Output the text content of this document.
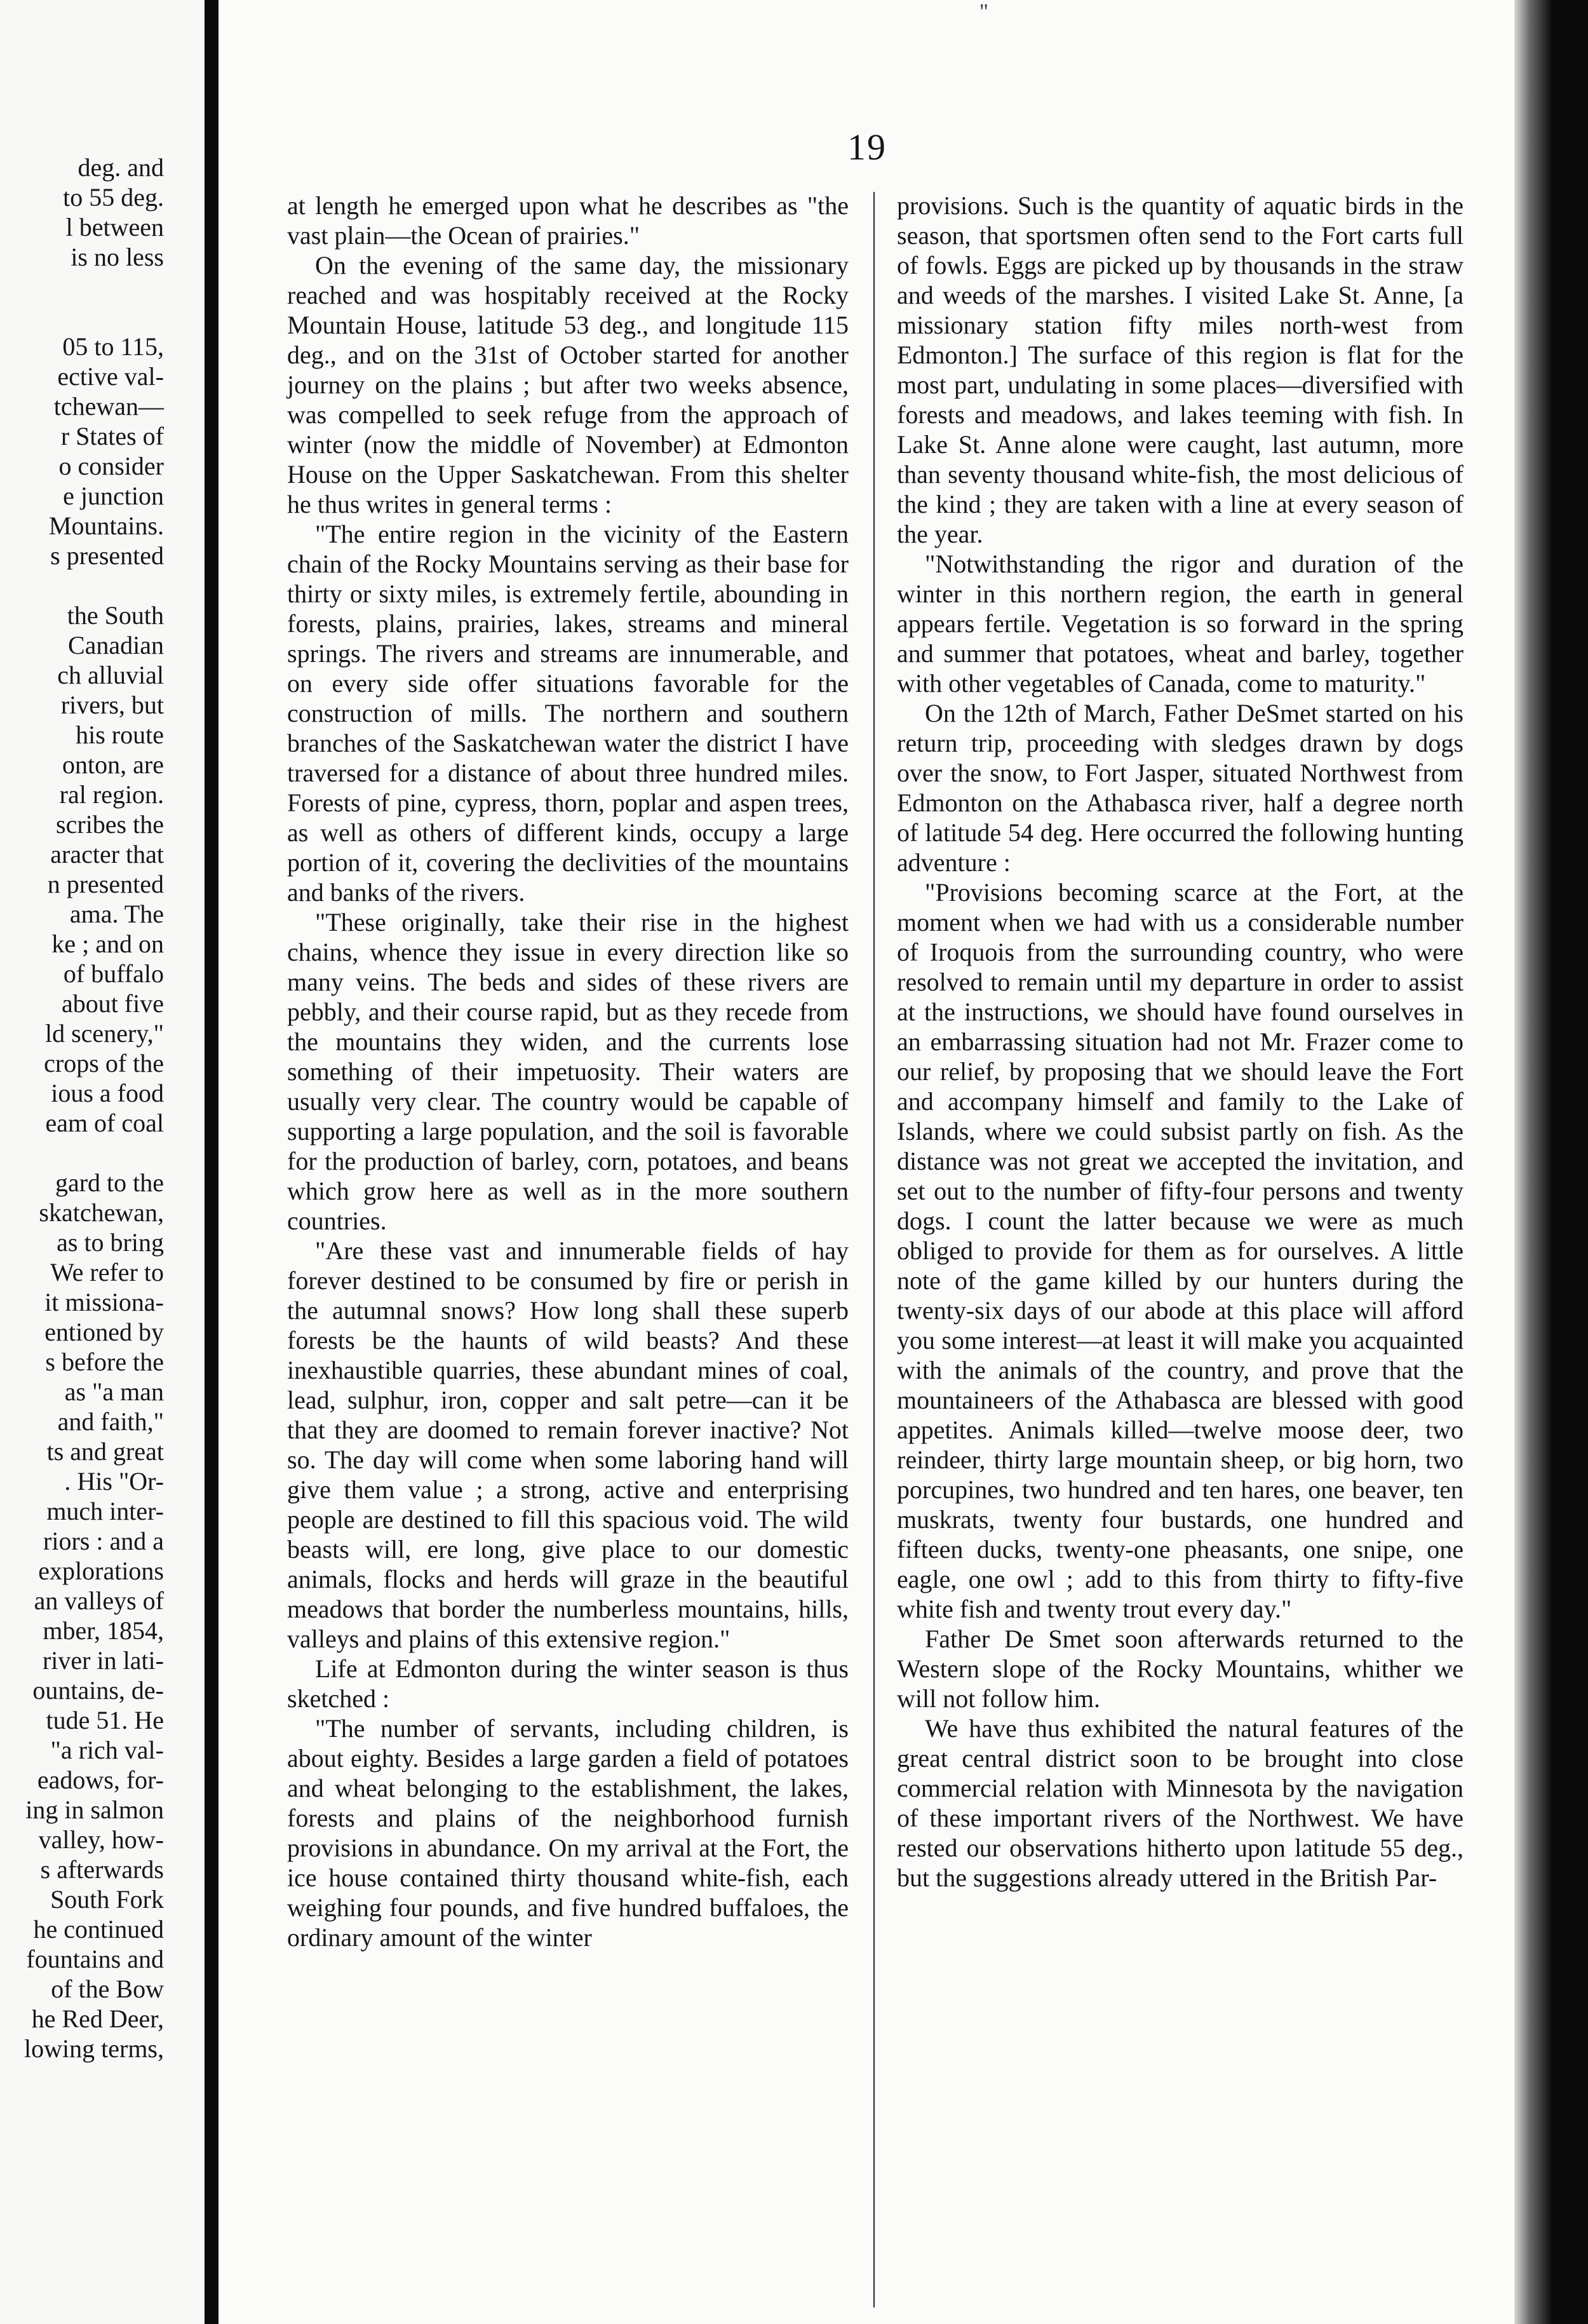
deg. and
to 55 deg.
l between
is no less
05 to 115,
ective val-
tchewan—
r States of
o consider
e junction
Mountains.
s presented
the South
Canadian
ch alluvial
rivers, but
his route
onton, are
ral region.
scribes the
aracter that
n presented
ama. The
ke ; and on
of buffalo
about five
ld scenery,"
crops of the
ious a food
eam of coal
gard to the
skatchewan,
as to bring
We refer to
it missiona-
entioned by
s before the
as "a man
and faith,"
ts and great
. His "Or-
much inter-
riors : and a
explorations
an valleys of
mber, 1854,
river in lati-
ountains, de-
tude 51. He
"a rich val-
eadows, for-
ing in salmon
valley, how-
s afterwards
South Fork
he continued
fountains and
of the Bow
he Red Deer,
lowing terms,
"
19

at length he emerged upon what he describes as "the vast plain—the Ocean of prairies."

On the evening of the same day, the missionary reached and was hospitably received at the Rocky Mountain House, latitude 53 deg., and longitude 115 deg., and on the 31st of October started for another journey on the plains ; but after two weeks absence, was compelled to seek refuge from the approach of winter (now the middle of November) at Edmonton House on the Upper Saskatchewan. From this shelter he thus writes in general terms :

"The entire region in the vicinity of the Eastern chain of the Rocky Mountains serving as their base for thirty or sixty miles, is extremely fertile, abounding in forests, plains, prairies, lakes, streams and mineral springs. The rivers and streams are innumerable, and on every side offer situations favorable for the construction of mills. The northern and southern branches of the Saskatchewan water the district I have traversed for a distance of about three hundred miles. Forests of pine, cypress, thorn, poplar and aspen trees, as well as others of different kinds, occupy a large portion of it, covering the declivities of the mountains and banks of the rivers.

"These originally, take their rise in the highest chains, whence they issue in every direction like so many veins. The beds and sides of these rivers are pebbly, and their course rapid, but as they recede from the mountains they widen, and the currents lose something of their impetuosity. Their waters are usually very clear. The country would be capable of supporting a large population, and the soil is favorable for the production of barley, corn, potatoes, and beans which grow here as well as in the more southern countries.

"Are these vast and innumerable fields of hay forever destined to be consumed by fire or perish in the autumnal snows? How long shall these superb forests be the haunts of wild beasts? And these inexhaustible quarries, these abundant mines of coal, lead, sulphur, iron, copper and salt petre—can it be that they are doomed to remain forever inactive? Not so. The day will come when some laboring hand will give them value ; a strong, active and enterprising people are destined to fill this spacious void. The wild beasts will, ere long, give place to our domestic animals, flocks and herds will graze in the beautiful meadows that border the numberless mountains, hills, valleys and plains of this extensive region."

Life at Edmonton during the winter season is thus sketched :

"The number of servants, including children, is about eighty. Besides a large garden a field of potatoes and wheat belonging to the establishment, the lakes, forests and plains of the neighborhood furnish provisions in abundance. On my arrival at the Fort, the ice house contained thirty thousand white-fish, each weighing four pounds, and five hundred buffaloes, the ordinary amount of the winter

provisions. Such is the quantity of aquatic birds in the season, that sportsmen often send to the Fort carts full of fowls. Eggs are picked up by thousands in the straw and weeds of the marshes. I visited Lake St. Anne, [a missionary station fifty miles north-west from Edmonton.] The surface of this region is flat for the most part, undulating in some places—diversified with forests and meadows, and lakes teeming with fish. In Lake St. Anne alone were caught, last autumn, more than seventy thousand white-fish, the most delicious of the kind ; they are taken with a line at every season of the year.

"Notwithstanding the rigor and duration of the winter in this northern region, the earth in general appears fertile. Vegetation is so forward in the spring and summer that potatoes, wheat and barley, together with other vegetables of Canada, come to maturity."

On the 12th of March, Father DeSmet started on his return trip, proceeding with sledges drawn by dogs over the snow, to Fort Jasper, situated Northwest from Edmonton on the Athabasca river, half a degree north of latitude 54 deg. Here occurred the following hunting adventure :

"Provisions becoming scarce at the Fort, at the moment when we had with us a considerable number of Iroquois from the surrounding country, who were resolved to remain until my departure in order to assist at the instructions, we should have found ourselves in an embarrassing situation had not Mr. Frazer come to our relief, by proposing that we should leave the Fort and accompany himself and family to the Lake of Islands, where we could subsist partly on fish. As the distance was not great we accepted the invitation, and set out to the number of fifty-four persons and twenty dogs. I count the latter because we were as much obliged to provide for them as for ourselves. A little note of the game killed by our hunters during the twenty-six days of our abode at this place will afford you some interest—at least it will make you acquainted with the animals of the country, and prove that the mountaineers of the Athabasca are blessed with good appetites. Animals killed—twelve moose deer, two reindeer, thirty large mountain sheep, or big horn, two porcupines, two hundred and ten hares, one beaver, ten muskrats, twenty four bustards, one hundred and fifteen ducks, twenty-one pheasants, one snipe, one eagle, one owl ; add to this from thirty to fifty-five white fish and twenty trout every day."

Father De Smet soon afterwards returned to the Western slope of the Rocky Mountains, whither we will not follow him.

We have thus exhibited the natural features of the great central district soon to be brought into close commercial relation with Minnesota by the navigation of these important rivers of the Northwest. We have rested our observations hitherto upon latitude 55 deg., but the suggestions already uttered in the British Par-
